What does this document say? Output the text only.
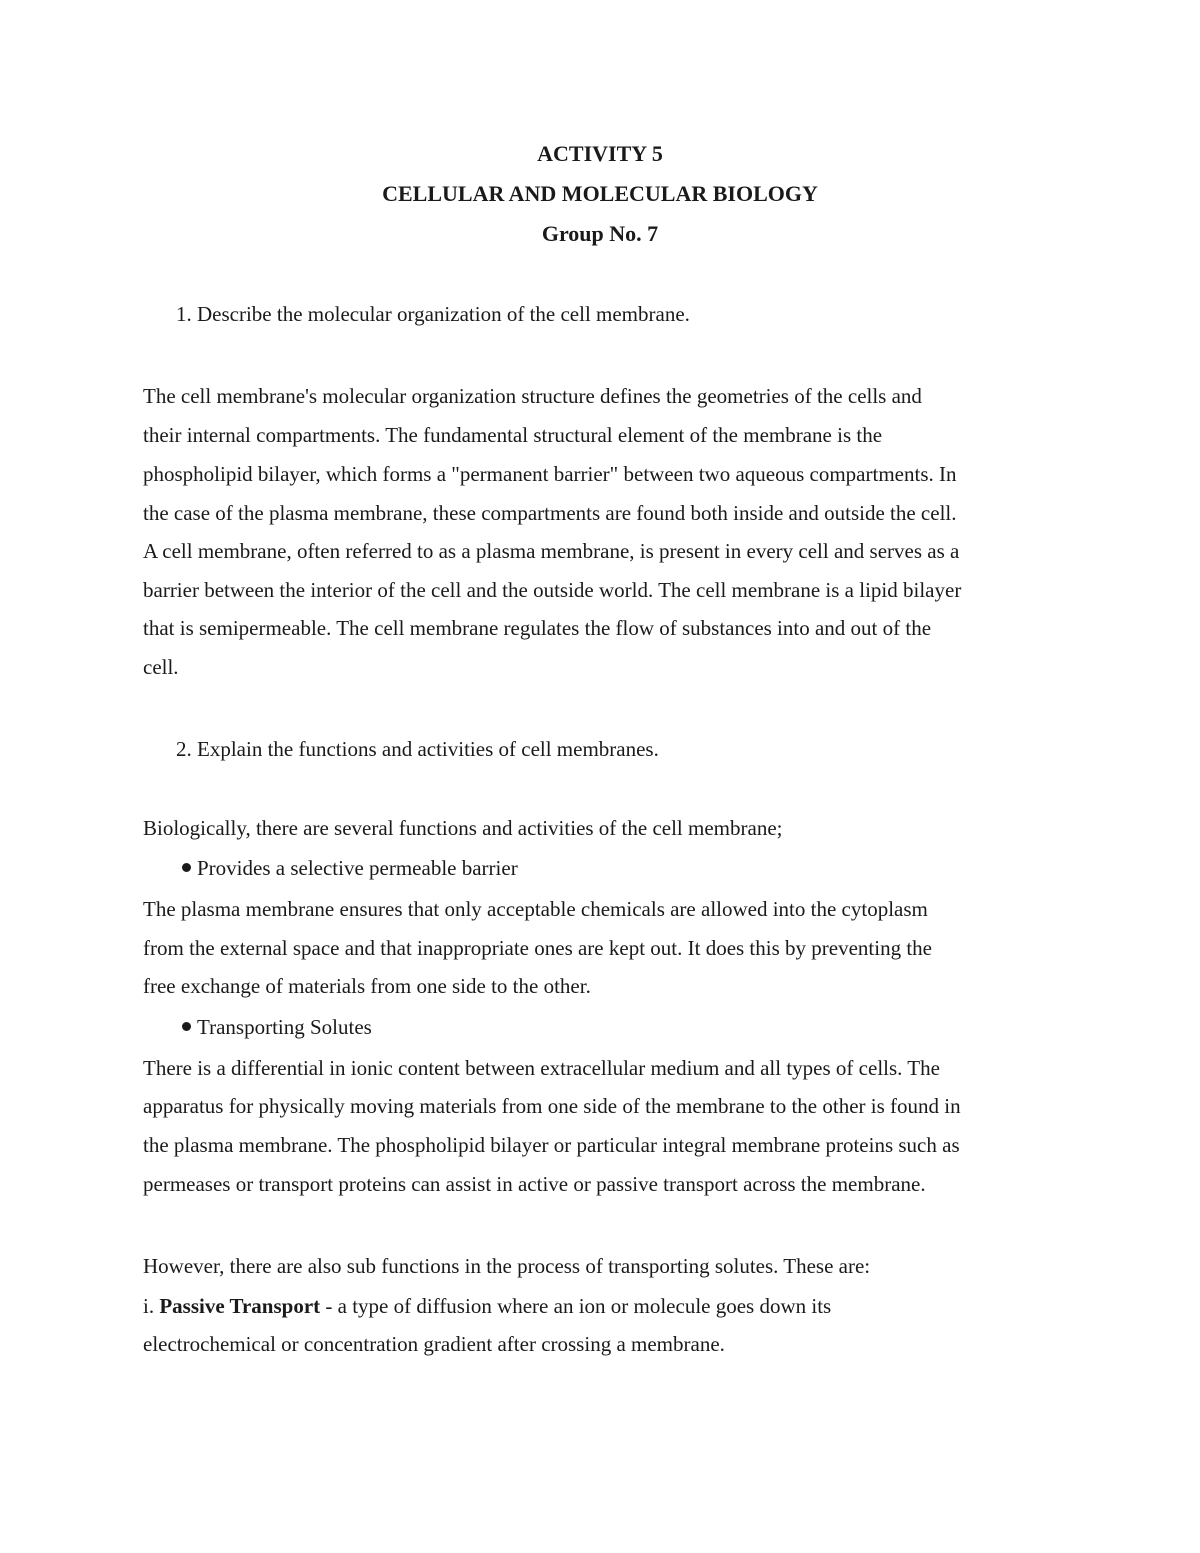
ACTIVITY 5
CELLULAR AND MOLECULAR BIOLOGY
Group No. 7
1. Describe the molecular organization of the cell membrane.
The cell membrane's molecular organization structure defines the geometries of the cells and
their internal compartments. The fundamental structural element of the membrane is the
phospholipid bilayer, which forms a "permanent barrier" between two aqueous compartments. In
the case of the plasma membrane, these compartments are found both inside and outside the cell.
A cell membrane, often referred to as a plasma membrane, is present in every cell and serves as a
barrier between the interior of the cell and the outside world. The cell membrane is a lipid bilayer
that is semipermeable. The cell membrane regulates the flow of substances into and out of the
cell.
2. Explain the functions and activities of cell membranes.
Biologically, there are several functions and activities of the cell membrane;
Provides a selective permeable barrier
The plasma membrane ensures that only acceptable chemicals are allowed into the cytoplasm
from the external space and that inappropriate ones are kept out. It does this by preventing the
free exchange of materials from one side to the other.
Transporting Solutes
There is a differential in ionic content between extracellular medium and all types of cells. The
apparatus for physically moving materials from one side of the membrane to the other is found in
the plasma membrane. The phospholipid bilayer or particular integral membrane proteins such as
permeases or transport proteins can assist in active or passive transport across the membrane.
However, there are also sub functions in the process of transporting solutes. These are:
i. Passive Transport - a type of diffusion where an ion or molecule goes down its
electrochemical or concentration gradient after crossing a membrane.
